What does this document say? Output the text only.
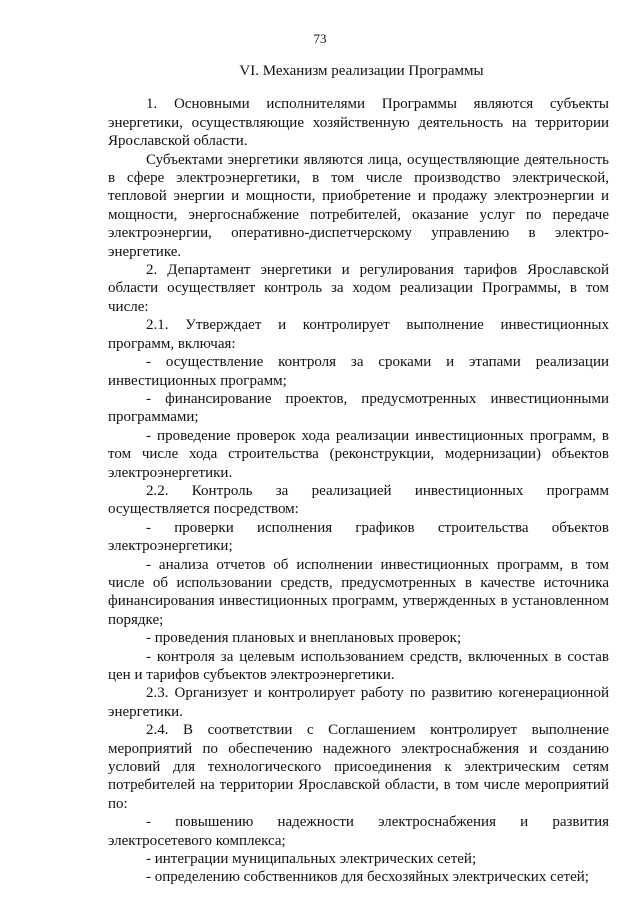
73
VI. Механизм реализации Программы

1. Основными исполнителями Программы являются субъекты энергетики, осуществляющие хозяйственную деятельность на территории Ярославской области.

Субъектами энергетики являются лица, осуществляющие деятельность в сфере электроэнергетики, в том числе производство электрической, тепловой энергии и мощности, приобретение и продажу электроэнергии и мощности, энергоснабжение потребителей, оказание услуг по передаче электроэнергии, оперативно-диспетчерскому управлению в электро-энергетике.

2. Департамент энергетики и регулирования тарифов Ярославской области осуществляет контроль за ходом реализации Программы, в том числе:

2.1. Утверждает и контролирует выполнение инвестиционных программ, включая:

- осуществление контроля за сроками и этапами реализации инвестиционных программ;

- финансирование проектов, предусмотренных инвестиционными программами;

- проведение проверок хода реализации инвестиционных программ, в том числе хода строительства (реконструкции, модернизации) объектов электроэнергетики.

2.2. Контроль за реализацией инвестиционных программ осуществляется посредством:

- проверки исполнения графиков строительства объектов электроэнергетики;

- анализа отчетов об исполнении инвестиционных программ, в том числе об использовании средств, предусмотренных в качестве источника финансирования инвестиционных программ, утвержденных в установленном порядке;

- проведения плановых и внеплановых проверок;

- контроля за целевым использованием средств, включенных в состав цен и тарифов субъектов электроэнергетики.

2.3. Организует и контролирует работу по развитию когенерационной энергетики.

2.4. В соответствии с Соглашением контролирует выполнение мероприятий по обеспечению надежного электроснабжения и созданию условий для технологического присоединения к электрическим сетям потребителей на территории Ярославской области, в том числе мероприятий по:

- повышению надежности электроснабжения и развития электросетевого комплекса;

- интеграции муниципальных электрических сетей;

- определению собственников для бесхозяйных электрических сетей;
